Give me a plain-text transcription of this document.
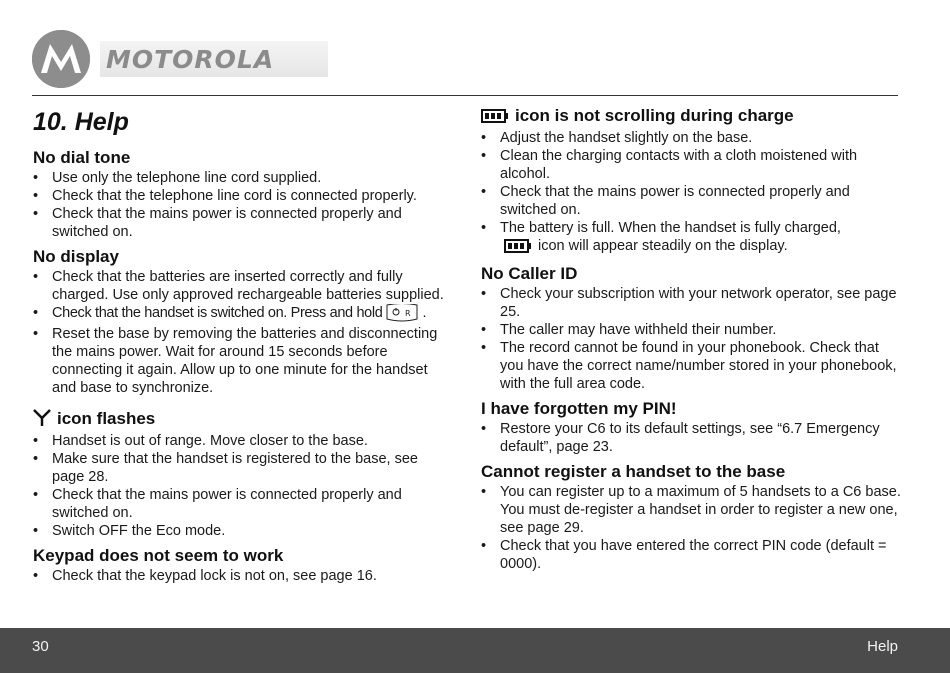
MOTOROLA
10. Help
No dial tone
• Use only the telephone line cord supplied.
• Check that the telephone line cord is connected properly.
• Check that the mains power is connected properly and switched on.
No display
• Check that the batteries are inserted correctly and fully charged. Use only approved rechargeable batteries supplied.
• Check that the handset is switched on. Press and hold	R .
• Reset the base by removing the batteries and disconnecting the mains power. Wait for around 15 seconds before connecting it again. Allow up to one minute for the handset and base to synchronize.
icon flashes
• Handset is out of range. Move closer to the base.
• Make sure that the handset is registered to the base, see page 28.
• Check that the mains power is connected properly and switched on.
• Switch OFF the Eco mode.
Keypad does not seem to work
• Check that the keypad lock is not on, see page 16.
icon is not scrolling during charge
• Adjust the handset slightly on the base.
• Clean the charging contacts with a cloth moistened with alcohol.
• Check that the mains power is connected properly and switched on.
• The battery is full. When the handset is fully charged,
icon will appear steadily on the display.
No Caller ID
• Check your subscription with your network operator, see page 25.
• The caller may have withheld their number.
• The record cannot be found in your phonebook. Check that you have the correct name/number stored in your phonebook, with the full area code.
I have forgotten my PIN!
• Restore your C6 to its default settings, see “6.7 Emergency default”, page 23.
Cannot register a handset to the base
• You can register up to a maximum of 5 handsets to a C6 base. You must de-register a handset in order to register a new one, see page 29.
• Check that you have entered the correct PIN code (default = 0000).
30	Help
